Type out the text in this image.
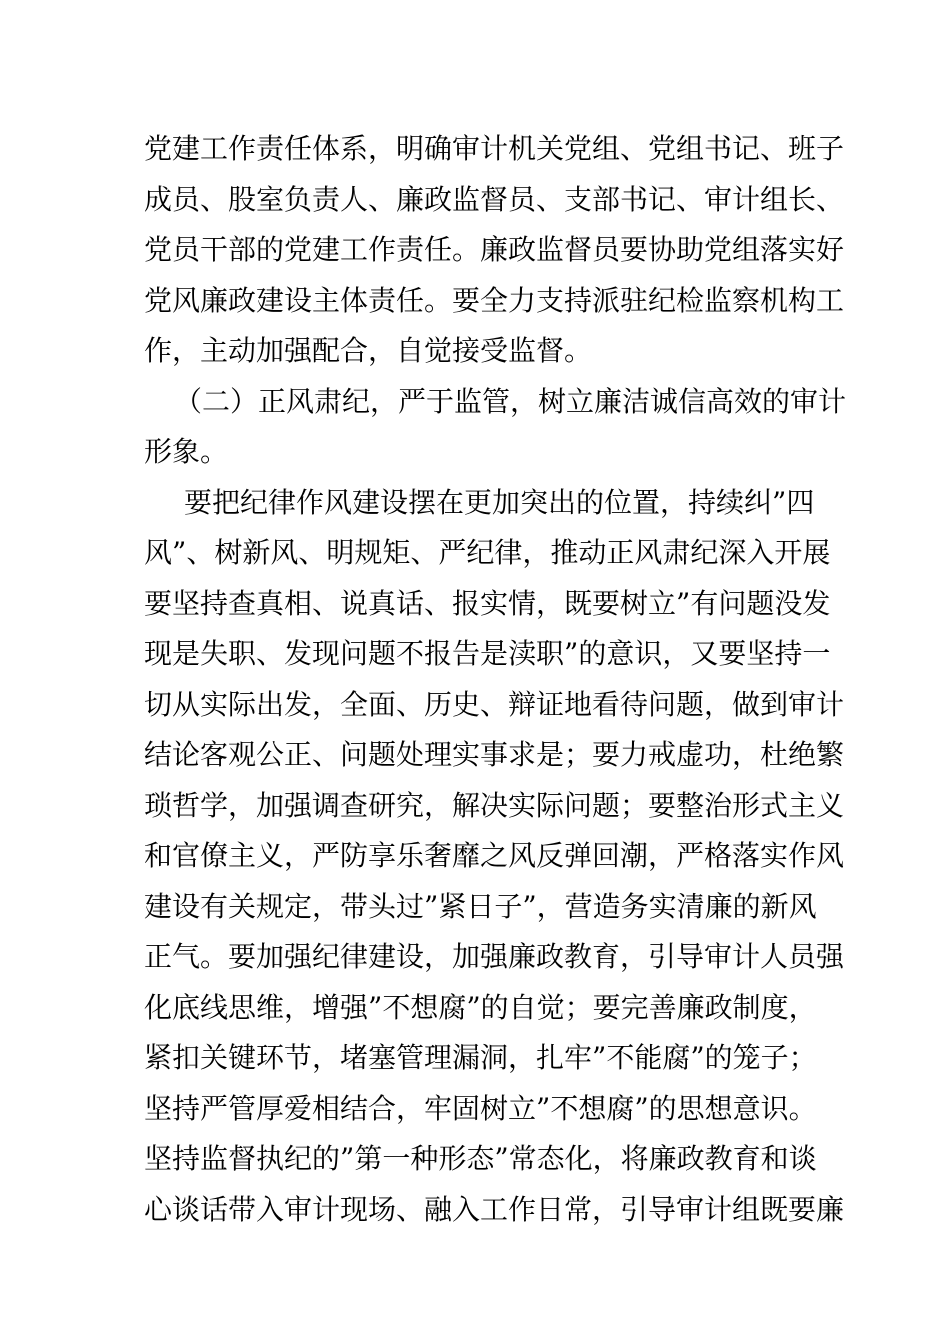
党建工作责任体系，明确审计机关党组、党组书记、班子
成员、股室负责人、廉政监督员、支部书记、审计组长、
党员干部的党建工作责任。廉政监督员要协助党组落实好
党风廉政建设主体责任。要全力支持派驻纪检监察机构工
作，主动加强配合，自觉接受监督。
（二）正风肃纪，严于监管，树立廉洁诚信高效的审计
形象。
要把纪律作风建设摆在更加突出的位置，持续纠”四
风”、树新风、明规矩、严纪律，推动正风肃纪深入开展
要坚持查真相、说真话、报实情，既要树立”有问题没发
现是失职、发现问题不报告是渎职”的意识，又要坚持一
切从实际出发，全面、历史、辩证地看待问题，做到审计
结论客观公正、问题处理实事求是；要力戒虚功，杜绝繁
琐哲学，加强调查研究，解决实际问题；要整治形式主义
和官僚主义，严防享乐奢靡之风反弹回潮，严格落实作风
建设有关规定，带头过”紧日子”，营造务实清廉的新风
正气。要加强纪律建设，加强廉政教育，引导审计人员强
化底线思维，增强”不想腐”的自觉；要完善廉政制度，
紧扣关键环节，堵塞管理漏洞，扎牢”不能腐”的笼子；
坚持严管厚爱相结合，牢固树立”不想腐”的思想意识。
坚持监督执纪的”第一种形态”常态化，将廉政教育和谈
心谈话带入审计现场、融入工作日常，引导审计组既要廉
